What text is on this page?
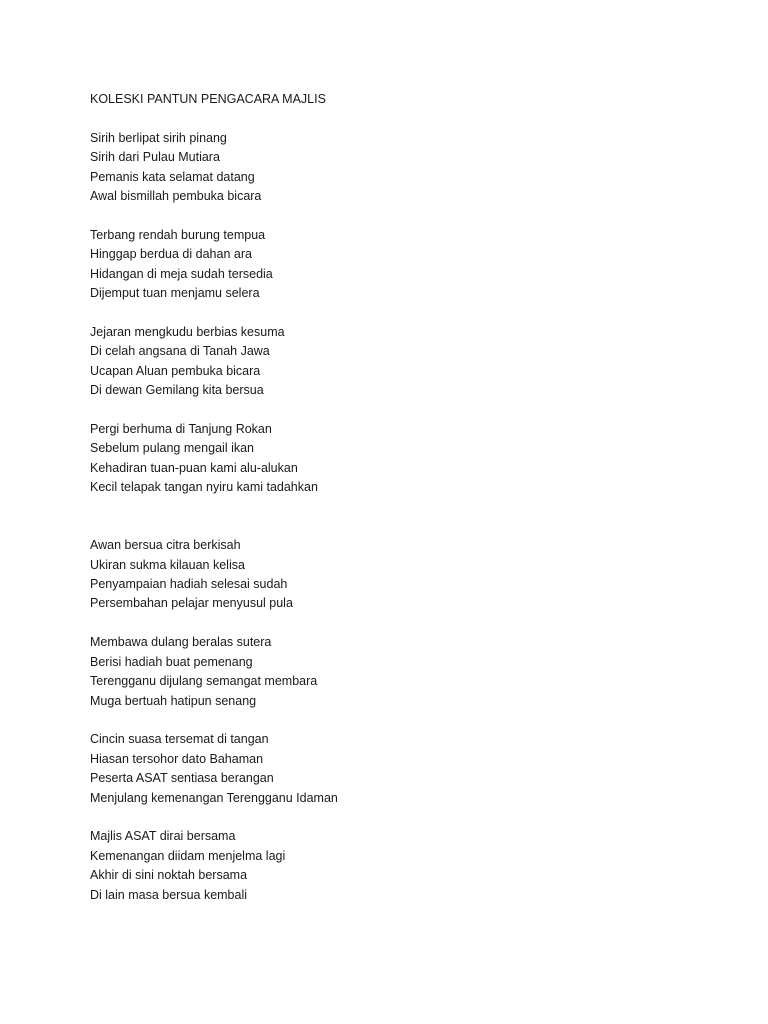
KOLESKI PANTUN PENGACARA MAJLIS
Sirih berlipat sirih pinang
Sirih dari Pulau Mutiara
Pemanis kata selamat datang
Awal bismillah pembuka bicara
Terbang rendah burung tempua
Hinggap berdua di dahan ara
Hidangan di meja sudah tersedia
Dijemput tuan menjamu selera
Jejaran mengkudu berbias kesuma
Di celah angsana di Tanah Jawa
Ucapan Aluan pembuka bicara
Di dewan Gemilang kita bersua
Pergi berhuma di Tanjung Rokan
Sebelum pulang mengail ikan
Kehadiran tuan-puan kami alu-alukan
Kecil telapak tangan nyiru kami tadahkan
Awan bersua citra berkisah
Ukiran sukma kilauan kelisa
Penyampaian hadiah selesai sudah
Persembahan pelajar menyusul pula
Membawa dulang beralas sutera
Berisi hadiah buat pemenang
Terengganu dijulang semangat membara
Muga bertuah hatipun senang
Cincin suasa tersemat di tangan
Hiasan tersohor dato Bahaman
Peserta ASAT sentiasa berangan
Menjulang kemenangan Terengganu Idaman
Majlis ASAT dirai bersama
Kemenangan diidam menjelma lagi
Akhir di sini noktah bersama
Di lain masa bersua kembali
